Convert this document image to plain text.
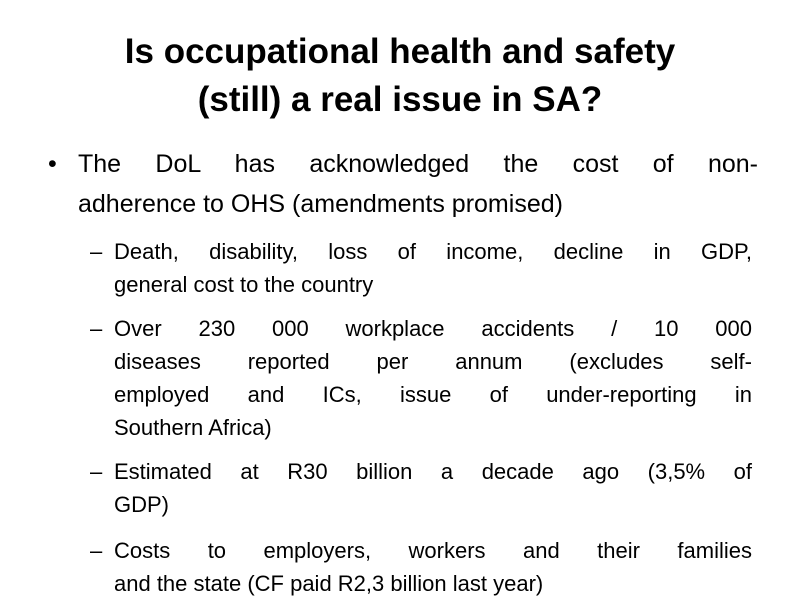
Is occupational health and safety
(still) a real issue in SA?
• The DoL has acknowledged the cost of non-
adherence to OHS (amendments promised)
– Death, disability, loss of income, decline in GDP,
general cost to the country
– Over 230 000 workplace accidents / 10 000
diseases reported per annum (excludes self-
employed and ICs, issue of under-reporting in
Southern Africa)
– Estimated at R30 billion a decade ago (3,5% of
GDP)
– Costs to employers, workers and their families
and the state (CF paid R2,3 billion last year)
